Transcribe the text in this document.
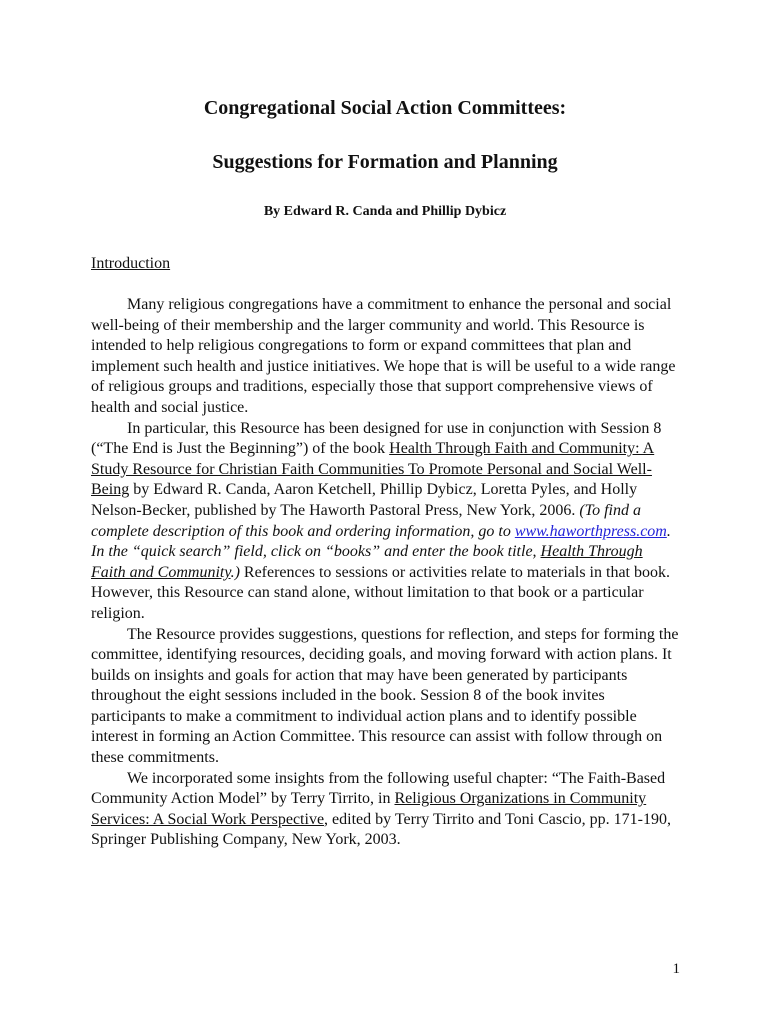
Congregational Social Action Committees:
Suggestions for Formation and Planning
By Edward R. Canda and Phillip Dybicz
Introduction

Many religious congregations have a commitment to enhance the personal and social well-being of their membership and the larger community and world. This Resource is intended to help religious congregations to form or expand committees that plan and implement such health and justice initiatives. We hope that is will be useful to a wide range of religious groups and traditions, especially those that support comprehensive views of health and social justice.

In particular, this Resource has been designed for use in conjunction with Session 8 (“The End is Just the Beginning”) of the book Health Through Faith and Community: A Study Resource for Christian Faith Communities To Promote Personal and Social Well-Being by Edward R. Canda, Aaron Ketchell, Phillip Dybicz, Loretta Pyles, and Holly Nelson-Becker, published by The Haworth Pastoral Press, New York, 2006. (To find a complete description of this book and ordering information, go to www.haworthpress.com. In the “quick search” field, click on “books” and enter the book title, Health Through Faith and Community.) References to sessions or activities relate to materials in that book. However, this Resource can stand alone, without limitation to that book or a particular religion.

The Resource provides suggestions, questions for reflection, and steps for forming the committee, identifying resources, deciding goals, and moving forward with action plans. It builds on insights and goals for action that may have been generated by participants throughout the eight sessions included in the book. Session 8 of the book invites participants to make a commitment to individual action plans and to identify possible interest in forming an Action Committee. This resource can assist with follow through on these commitments.

We incorporated some insights from the following useful chapter: “The Faith-Based Community Action Model” by Terry Tirrito, in Religious Organizations in Community Services: A Social Work Perspective, edited by Terry Tirrito and Toni Cascio, pp. 171-190, Springer Publishing Company, New York, 2003.

1
